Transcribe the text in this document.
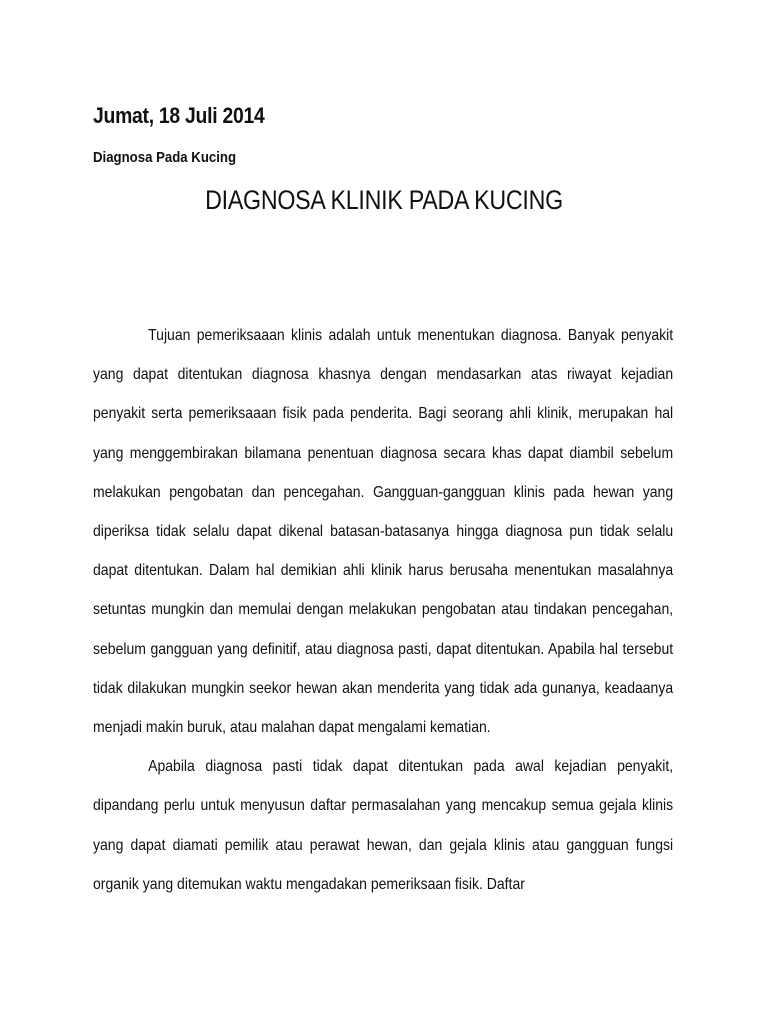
Jumat, 18 Juli 2014
Diagnosa Pada Kucing
DIAGNOSA KLINIK PADA KUCING

Tujuan pemeriksaaan klinis adalah untuk menentukan diagnosa. Banyak penyakit yang dapat ditentukan diagnosa khasnya dengan mendasarkan atas riwayat kejadian penyakit serta pemeriksaaan fisik pada penderita. Bagi seorang ahli klinik, merupakan hal yang menggembirakan bilamana penentuan diagnosa secara khas dapat diambil sebelum melakukan pengobatan dan pencegahan. Gangguan-gangguan klinis pada hewan yang diperiksa tidak selalu dapat dikenal batasan-batasanya hingga diagnosa pun tidak selalu dapat ditentukan. Dalam hal demikian ahli klinik harus berusaha menentukan masalahnya setuntas mungkin dan memulai dengan melakukan pengobatan atau tindakan pencegahan, sebelum gangguan yang definitif, atau diagnosa pasti, dapat ditentukan. Apabila hal tersebut tidak dilakukan mungkin seekor hewan akan menderita yang tidak ada gunanya, keadaanya menjadi makin buruk, atau malahan dapat mengalami kematian.

Apabila diagnosa pasti tidak dapat ditentukan pada awal kejadian penyakit, dipandang perlu untuk menyusun daftar permasalahan yang mencakup semua gejala klinis yang dapat diamati pemilik atau perawat hewan, dan gejala klinis atau gangguan fungsi organik yang ditemukan waktu mengadakan pemeriksaan fisik. Daftar
